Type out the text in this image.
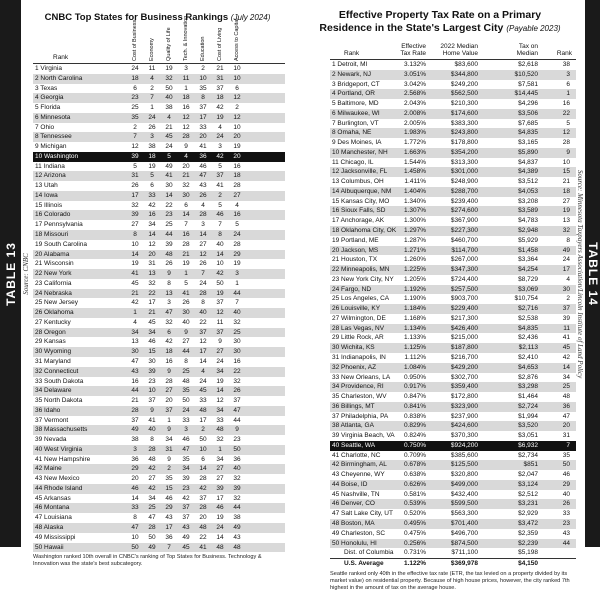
TABLE 13 Source: CNBC
CNBC Top States for Business Rankings (July 2024)
Rank	Cost of Business Economy Quality of Life Tech. & Innovation Education Cost of Living Access to Capital
1 Virginia	24	11	19	3	2	21	10
2 North Carolina	18	4	32	11	10	31	10
3 Texas	6	2	50	1	35	37	6
4 Georgia	23	7	40	18	8	18	12
5 Florida	25	1	38	16	37	42	2
6 Minnesota	35	24	4	12	17	19	12
7 Ohio	2	26	21	12	33	4	10
8 Tennessee	7	3	45	28	20	24	20
9 Michigan	12	38	24	9	41	3	19
10 Washington	39	18	5	4	36	42	20
11 Indiana	5	19	49	20	46	5	16
12 Arizona	31	5	41	21	47	37	18
13 Utah	26	6	30	32	43	41	28
14 Iowa	17	33	14	30	26	2	27
15 Illinois	32	42	22	6	4	5	4
16 Colorado	39	16	23	14	28	46	16
17 Pennsylvania	27	34	25	7	3	7	5
18 Missouri	8	14	44	16	14	8	24
19 South Carolina	10	12	39	28	27	40	28
20 Alabama	14	20	48	21	12	14	29
21 Wisconsin	19	31	26	19	26	10	19
22 New York	41	13	9	1	7	42	3
23 California	45	32	8	5	24	50	1
24 Nebraska	21	22	13	41	28	19	44
25 New Jersey	42	17	3	26	8	37	7
26 Oklahoma	1	21	47	30	40	12	40
27 Kentucky	4	45	32	40	22	11	32
28 Oregon	34	34	6	9	37	37	25
29 Kansas	13	46	42	27	12	9	30
30 Wyoming	30	15	18	44	17	27	30
31 Maryland	47	30	16	8	14	24	16
32 Connecticut	43	39	9	25	4	34	22
33 South Dakota	16	23	28	48	24	19	32
34 Delaware	44	10	27	35	45	14	26
35 North Dakota	21	37	20	50	33	12	37
36 Idaho	28	9	37	24	48	34	47
37 Vermont	37	41	1	33	17	33	44
38 Massachusetts	49	40	9	3	2	48	9
39 Nevada	38	8	34	46	50	32	23
40 West Virginia	3	28	31	47	10	1	50
41 New Hampshire	36	48	9	35	6	34	36
42 Maine	29	42	2	34	14	27	40
43 New Mexico	20	27	35	39	28	27	32
44 Rhode Island	46	42	15	23	42	39	39
45 Arkansas	14	34	46	42	37	17	32
46 Montana	33	25	29	37	28	46	44
47 Louisiana	8	47	43	37	20	19	38
48 Alaska	47	28	17	43	48	24	49
49 Mississippi	10	50	36	49	22	14	43
50 Hawaii	50	49	7	45	41	48	48
Washington ranked 10th overall in CNBC's ranking of Top States for Business. Technology & Innovation was the state's best subcategory.
Effective Property Tax Rate on a Primary
Residence in the State's Largest City (Payable 2023)
Rank
Effective Tax Rate
2022 Median Home Value
Tax on Median	Rank
1 Detroit, MI	3.132%	$83,600	$2,618	38
2 Newark, NJ	3.051%	$344,800	$10,520	3
3 Bridgeport, CT	3.042%	$249,200	$7,581	6
4 Portland, OR	2.568%	$562,500	$14,445	1
5 Baltimore, MD	2.043%	$210,300	$4,296	16
6 Milwaukee, WI	2.008%	$174,600	$3,506	22
7 Burlington, VT	2.005%	$383,300	$7,685	5
8 Omaha, NE	1.983%	$243,800	$4,835	12
9 Des Moines, IA	1.772%	$178,800	$3,165	28
10 Manchester, NH	1.663%	$354,200	$5,890	9
11 Chicago, IL	1.544%	$313,300	$4,837	10
12 Jacksonville, FL	1.458%	$301,000	$4,389	15
13 Columbus, OH	1.411%	$248,900	$3,512	21
14 Albuquerque, NM 1.404%	$288,700	$4,053	18
15 Kansas City, MO 1.340%	$239,400	$3,208	27
16 Sioux Falls, SD	1.307%	$274,600	$3,589	19
17 Anchorage, AK	1.300%	$367,900	$4,783	13
18 Oklahoma City, OK 1.297%	$227,300	$2,948	32
19 Portland, ME	1.287%	$460,700	$5,929	8
20 Jackson, MS	1.271%	$114,700	$1,458	49
21 Houston, TX	1.260%	$267,000	$3,364	24
22 Minneapolis, MN 1.225%	$347,300	$4,254	17
23 New York City, NY 1.205%	$724,400	$8,729	4
24 Fargo, ND	1.192%	$257,500	$3,069	30
25 Los Angeles, CA 1.190%	$903,700	$10,754	2
26 Louisville, KY	1.184%	$229,400	$2,716	37
27 Wilmington, DE	1.168%	$217,300	$2,538	39
28 Las Vegas, NV	1.134%	$426,400	$4,835	11
29 Little Rock, AR	1.133%	$215,000	$2,436	41
30 Wichita, KS	1.125%	$187,800	$2,113	45
31 Indianapolis, IN	1.112%	$216,700	$2,410	42
32 Phoenix, AZ	1.084%	$429,200	$4,653	14
33 New Orleans, LA 0.950%	$302,700	$2,876	34
34 Providence, RI	0.917%	$359,400	$3,298	25
35 Charleston, WV	0.847%	$172,800	$1,464	48
36 Billings, MT	0.841%	$323,900	$2,724	36
37 Philadelphia, PA 0.838%	$237,900	$1,994	47
38 Atlanta, GA	0.829%	$424,600	$3,520	20
39 Virginia Beach, VA 0.824%	$370,300	$3,051	31
40 Seattle, WA	0.750%	$924,200	$6,932	7
41 Charlotte, NC	0.709%	$385,600	$2,734	35
42 Birmingham, AL	0.678%	$125,500	$851	50
43 Cheyenne, WY	0.638%	$320,800	$2,047	46
44 Boise, ID	0.626%	$499,000	$3,124	29
45 Nashville, TN	0.581%	$432,400	$2,512	40
46 Denver, CO	0.539%	$599,500	$3,231	26
47 Salt Lake City, UT 0.520%	$563,300	$2,929	33
48 Boston, MA	0.495%	$701,400	$3,472	23
49 Charleston, SC	0.475%	$496,700	$2,359	43
50 Honolulu, HI	0.256%	$874,500	$2,239	44
Dist. of Columbia 0.731%	$711,100	$5,198
U.S. Average	1.122%	$369,978	$4,150
Seattle ranked only 40th in the effective tax rate (ETR, the tax levied on a property divided by its market value) on residential property. Because of high house prices, however, the city ranked 7th highest in the amount of tax on the average house.
Source: Minnesota Taxpayers Association/Lincoln Institute of Land Policy TABLE 14
